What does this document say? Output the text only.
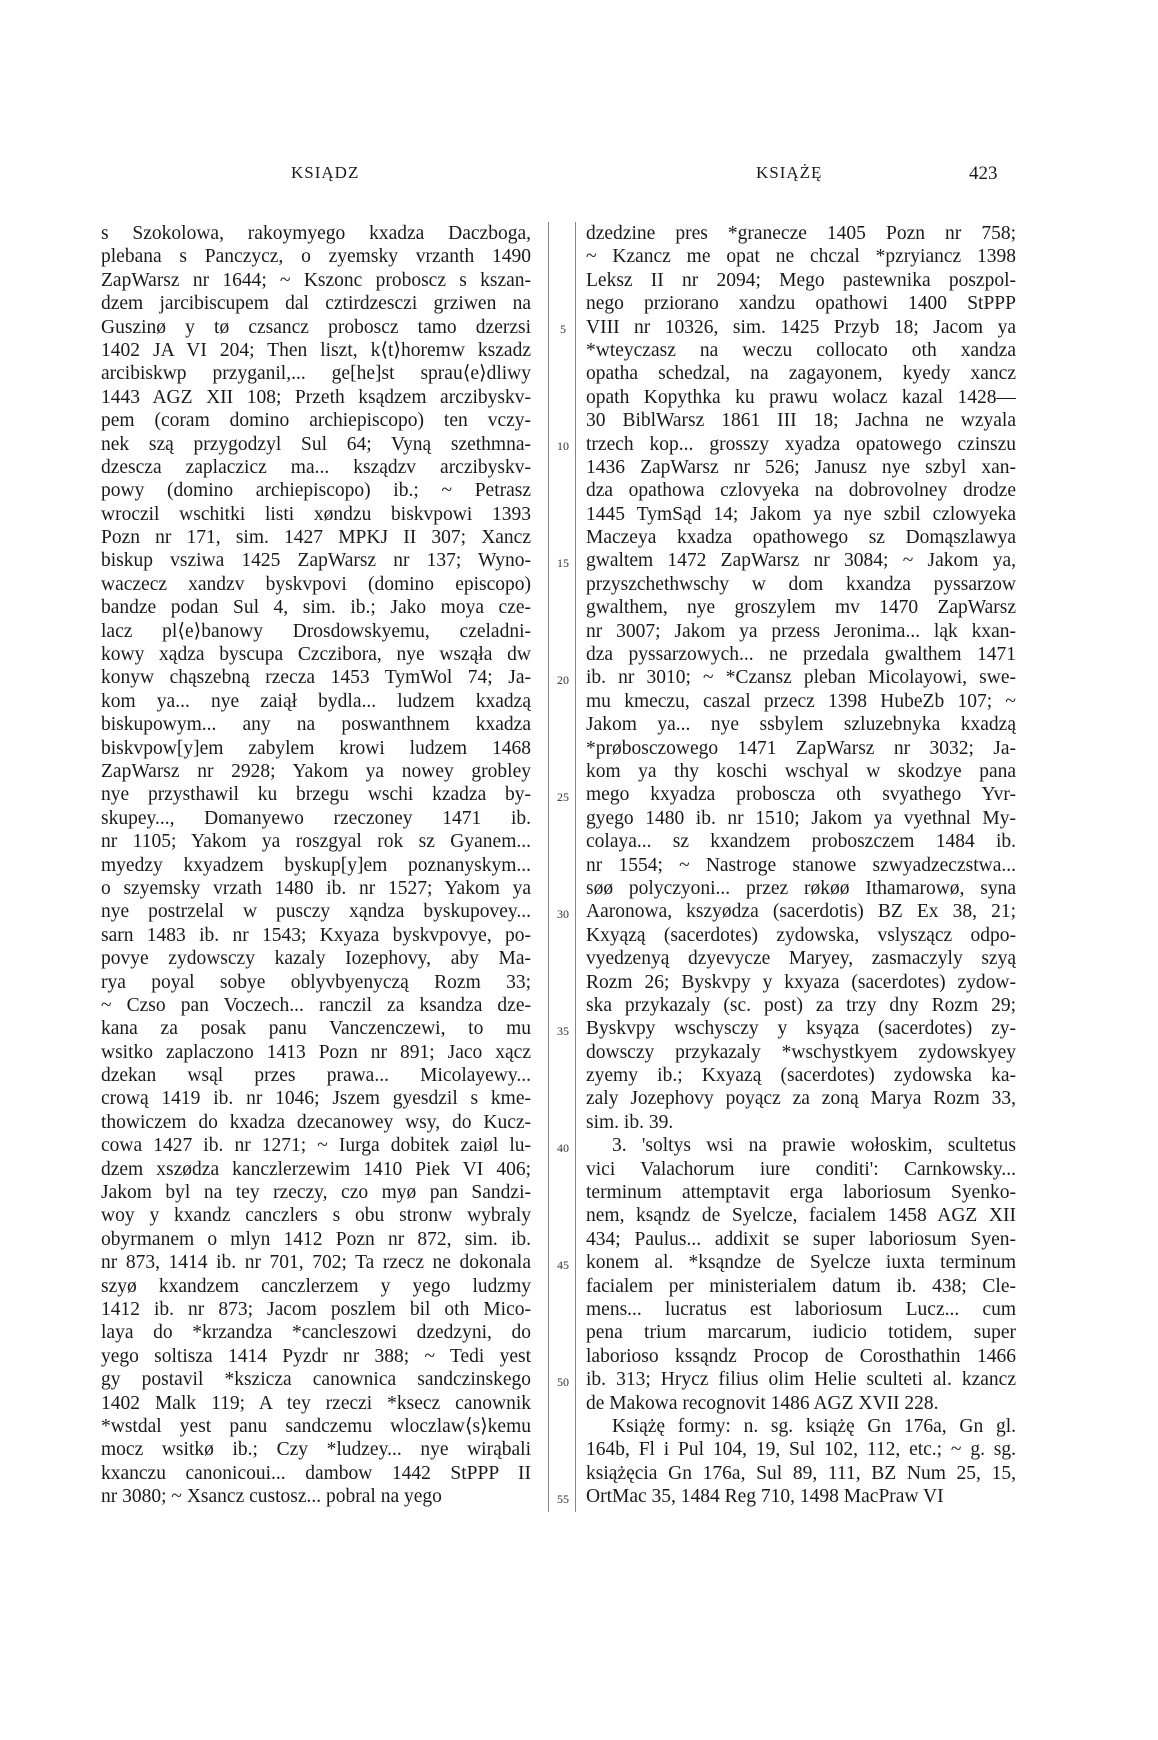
KSIĄDZ	KSIĄŻĘ	423
s Szokolowa, rakoymyego kxadza Daczboga,
plebana s Panczycz, o zyemsky vrzanth 1490
ZapWarsz nr 1644; ~ Kszonc proboscz s kszan-
dzem jarcibiscupem dal cztirdzesczi grziwen na
Guszinø y tø czsancz proboscz tamo dzerzsi
1402 JA VI 204; Then liszt, k⟨t⟩horemw kszadz
arcibiskwp przyganil,... ge[he]st sprau⟨e⟩dliwy
1443 AGZ XII 108; Przeth ksądzem arczibyskv-
pem (coram domino archiepiscopo) ten vczy-
nek szą przygodzyl Sul 64; Vyną szethmna-
dzescza zaplaczicz ma... ksządzv arczibyskv-
powy (domino archiepiscopo) ib.; ~ Petrasz
wroczil wschitki listi xøndzu biskvpowi 1393
Pozn nr 171, sim. 1427 MPKJ II 307; Xancz
biskup vsziwa 1425 ZapWarsz nr 137; Wyno-
waczecz xandzv byskvpovi (domino episcopo)
bandze podan Sul 4, sim. ib.; Jako moya cze-
lacz pl⟨e⟩banowy Drosdowskyemu, czeladni-
kowy xądza byscupa Czczibora, nye wsząła dw
konyw chąszebną rzecza 1453 TymWol 74; Ja-
kom ya... nye zaiął bydla... ludzem kxadzą
biskupowym... any na poswanthnem kxadza
biskvpow[y]em zabylem krowi ludzem 1468
ZapWarsz nr 2928; Yakom ya nowey grobley
nye przysthawil ku brzegu wschi kzadza by-
skupey..., Domanyewo rzeczoney 1471 ib.
nr 1105; Yakom ya roszgyal rok sz Gyanem...
myedzy kxyadzem byskup[y]em poznanyskym...
o szyemsky vrzath 1480 ib. nr 1527; Yakom ya
nye postrzelal w pusczy xąndza byskupovey...
sarn 1483 ib. nr 1543; Kxyaza byskvpovye, po-
povye zydowsczy kazaly Iozephovy, aby Ma-
rya poyal sobye oblyvbyenyczą Rozm 33;
~ Czso pan Voczech... ranczil za ksandza dze-
kana za posak panu Vanczenczewi, to mu
wsitko zaplaczono 1413 Pozn nr 891; Jaco xącz
dzekan wsąl przes prawa... Micolayewy...
crową 1419 ib. nr 1046; Jszem gyesdzil s kme-
thowiczem do kxadza dzecanowey wsy, do Kucz-
cowa 1427 ib. nr 1271; ~ Iurga dobitek zaiøl lu-
dzem xszødza kanczlerzewim 1410 Piek VI 406;
Jakom byl na tey rzeczy, czo myø pan Sandzi-
woy y kxandz canczlers s obu stronw wybraly
obyrmanem o mlyn 1412 Pozn nr 872, sim. ib.
nr 873, 1414 ib. nr 701, 702; Ta rzecz ne dokonala
szyø kxandzem canczlerzem y yego ludzmy
1412 ib. nr 873; Jacom poszlem bil oth Mico-
laya do *krzandza *cancleszowi dzedzyni, do
yego soltisza 1414 Pyzdr nr 388; ~ Tedi yest
gy postavil *kszicza canownica sandczinskego
1402 Malk 119; A tey rzeczi *ksecz canownik
*wstdal yest panu sandczemu wloczlaw⟨s⟩kemu
mocz wsitkø ib.; Czy *ludzey... nye wirąbali
kxanczu canonicoui... dambow 1442 StPPP II
nr 3080; ~ Xsancz custosz... pobral na yego
5
10
15
20
25
30
35
40
45
50
55
dzedzine pres *granecze 1405 Pozn nr 758;
~ Kzancz me opat ne chczal *pzryiancz 1398
Leksz II nr 2094; Mego pastewnika poszpol-
nego przioranо xandzu opathowi 1400 StPPP
VIII nr 10326, sim. 1425 Przyb 18; Jacom ya
*wteyczasz na weczu collocato oth xandza
opatha schedzal, na zagayonem, kyedy xancz
opath Kopythka ku prawu wolacz kazal 1428—
30 BiblWarsz 1861 III 18; Jachna ne wzyala
trzech kop... grosszy xyadza opatowego czinszu
1436 ZapWarsz nr 526; Janusz nye szbyl xan-
dza opathowa czlovyeka na dobrovolney drodze
1445 TymSąd 14; Jakom ya nye szbil czlowyeka
Maczeya kxadza opathowego sz Domąszlawya
gwaltem 1472 ZapWarsz nr 3084; ~ Jakom ya,
przyszchethwschy w dom kxandza pyssarzow
gwalthem, nye groszylem mv 1470 ZapWarsz
nr 3007; Jakom ya przess Jeronima... ląk kxan-
dza pyssarzowych... ne przedala gwalthem 1471
ib. nr 3010; ~ *Czansz pleban Micolayowi, swe-
mu kmeczu, caszal przecz 1398 HubeZb 107; ~
Jakom ya... nye ssbylem szluzebnyka kxadzą
*prøbosczowego 1471 ZapWarsz nr 3032; Ja-
kom ya thy koschi wschyal w skodzye pana
mego kxyadza proboscza oth svyathego Yvr-
gyego 1480 ib. nr 1510; Jakom ya vyethnal My-
colaya... sz kxandzem proboszczem 1484 ib.
nr 1554; ~ Nastroge stanowe szwyadzeczstwa...
søø polyczyoni... przez røkøø Ithamarowø, syna
Aaronowa, kszyødza (sacerdotis) BZ Ex 38, 21;
Kxyązą (sacerdotes) zydowska, vslysząсz odpo-
vyedzenyą dzyevycze Maryey, zasmaczyly szyą
Rozm 26; Byskvpy y kxyaza (sacerdotes) zydow-
ska przykazaly (sc. post) za trzy dny Rozm 29;
Byskvpy wschysczy y ksyąza (sacerdotes) zy-
dowsczy przykazaly *wschystkyem zydowskyey
zyemy ib.; Kxyazą (sacerdotes) zydowska ka-
zaly Jozephovy poyącz za zoną Marya Rozm 33,
sim. ib. 39.
3. 'soltys wsi na prawie wołoskim, scultetus
vici Valachorum iure conditi': Carnkowsky...
terminum attemptavit erga laboriosum Syenko-
nem, ksąndz de Syelcze, facialem 1458 AGZ XII
434; Paulus... addixit se super laboriosum Syen-
konem al. *ksąndze de Syelcze iuxta terminum
facialem per ministerialem datum ib. 438; Cle-
mens... lucratus est laboriosum Lucz... cum
pena trium marcarum, iudicio totidem, super
laborioso kssąndz Procop de Corosthathin 1466
ib. 313; Hrycz filius olim Helie sculteti al. kzancz
de Makowa recognovit 1486 AGZ XVII 228.
Książę formy: n. sg. książę Gn 176a, Gn gl.
164b, Fl i Pul 104, 19, Sul 102, 112, etc.; ~ g. sg.
książęcia Gn 176a, Sul 89, 111, BZ Num 25, 15,
OrtMac 35, 1484 Reg 710, 1498 MacPraw VI
